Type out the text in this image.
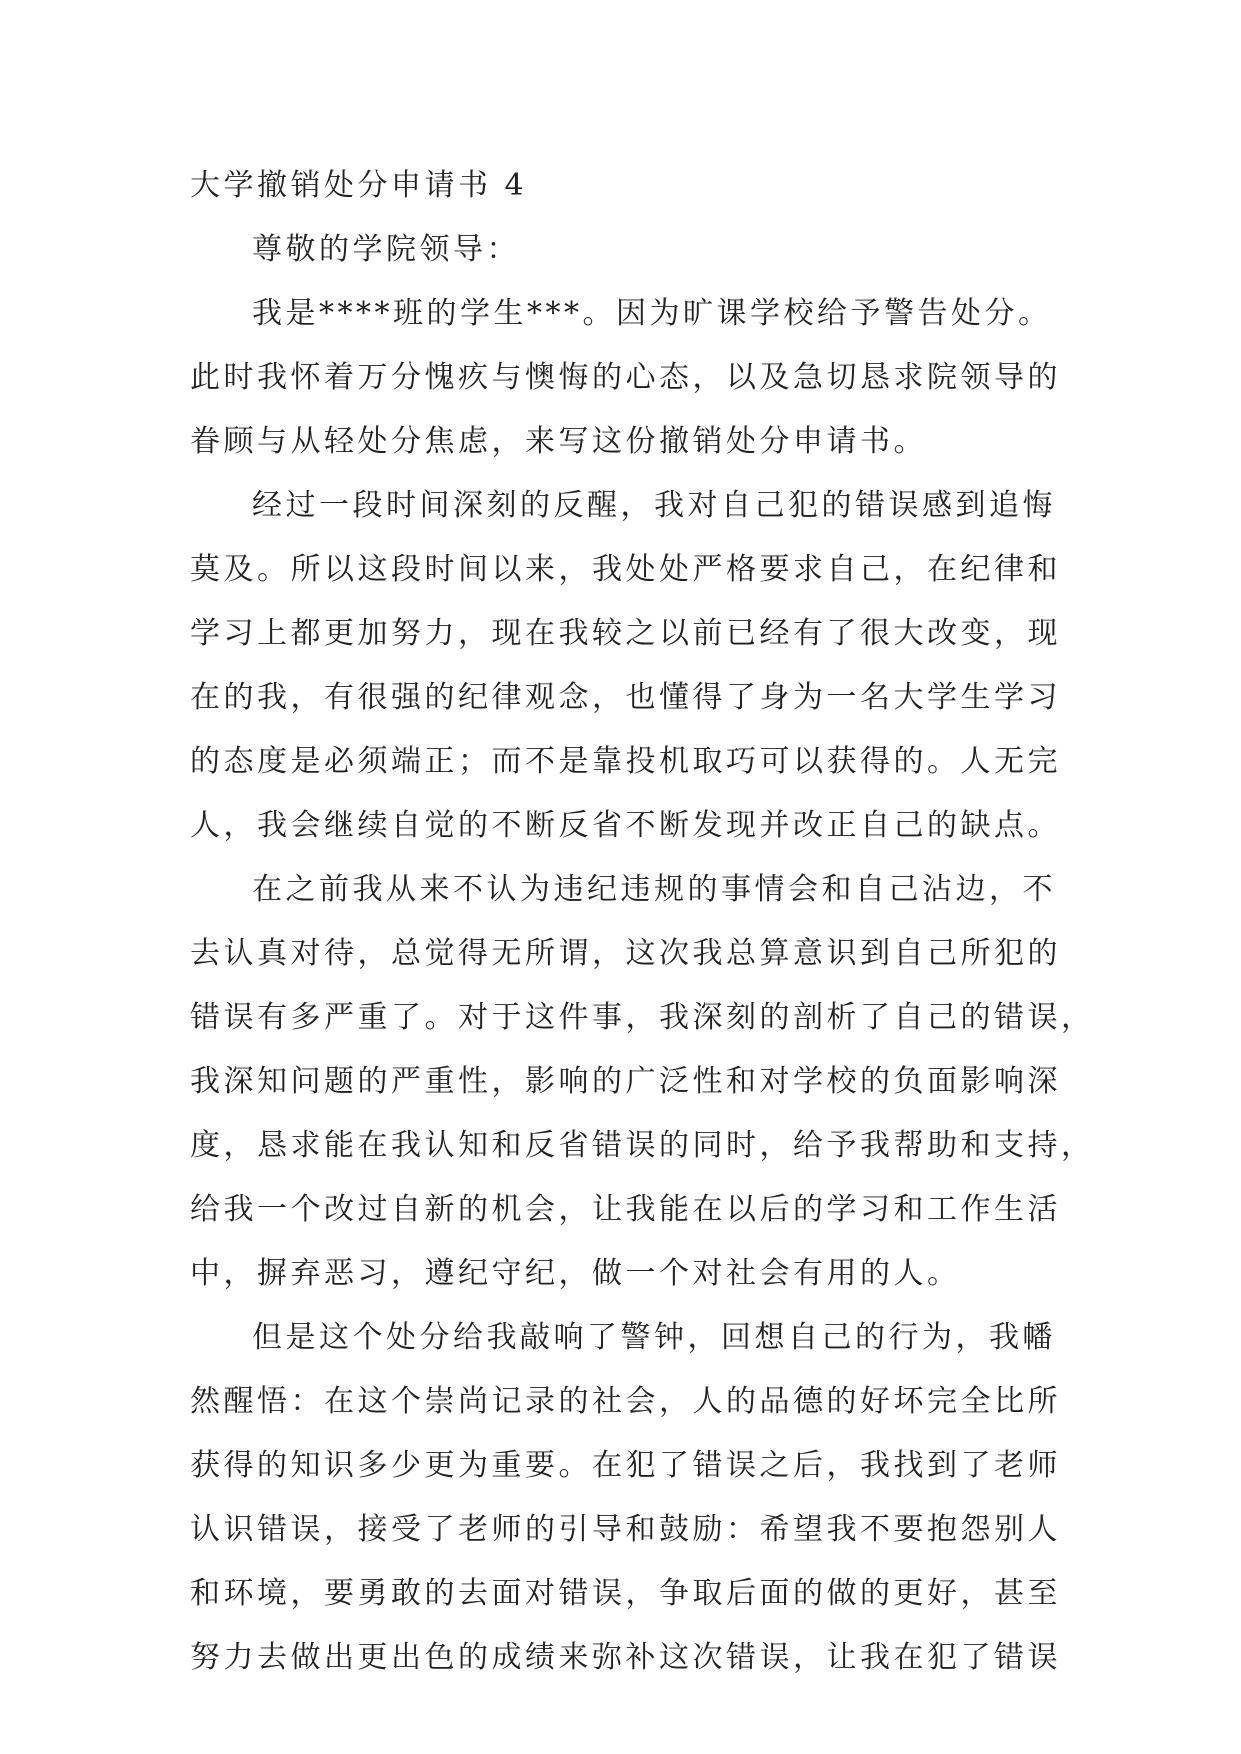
大学撤销处分申请书 4
尊敬的学院领导：
我是****班的学生***。因为旷课学校给予警告处分。
此时我怀着万分愧疚与懊悔的心态，以及急切恳求院领导的
眷顾与从轻处分焦虑，来写这份撤销处分申请书。
经过一段时间深刻的反醒，我对自己犯的错误感到追悔
莫及。所以这段时间以来，我处处严格要求自己，在纪律和
学习上都更加努力，现在我较之以前已经有了很大改变，现
在的我，有很强的纪律观念，也懂得了身为一名大学生学习
的态度是必须端正；而不是靠投机取巧可以获得的。人无完
人，我会继续自觉的不断反省不断发现并改正自己的缺点。
在之前我从来不认为违纪违规的事情会和自己沾边，不
去认真对待，总觉得无所谓，这次我总算意识到自己所犯的
错误有多严重了。对于这件事，我深刻的剖析了自己的错误，
我深知问题的严重性，影响的广泛性和对学校的负面影响深
度，恳求能在我认知和反省错误的同时，给予我帮助和支持，
给我一个改过自新的机会，让我能在以后的学习和工作生活
中，摒弃恶习，遵纪守纪，做一个对社会有用的人。
但是这个处分给我敲响了警钟，回想自己的行为，我幡
然醒悟：在这个崇尚记录的社会，人的品德的好坏完全比所
获得的知识多少更为重要。在犯了错误之后，我找到了老师
认识错误，接受了老师的引导和鼓励：希望我不要抱怨别人
和环境，要勇敢的去面对错误，争取后面的做的更好，甚至
努力去做出更出色的成绩来弥补这次错误，让我在犯了错误
